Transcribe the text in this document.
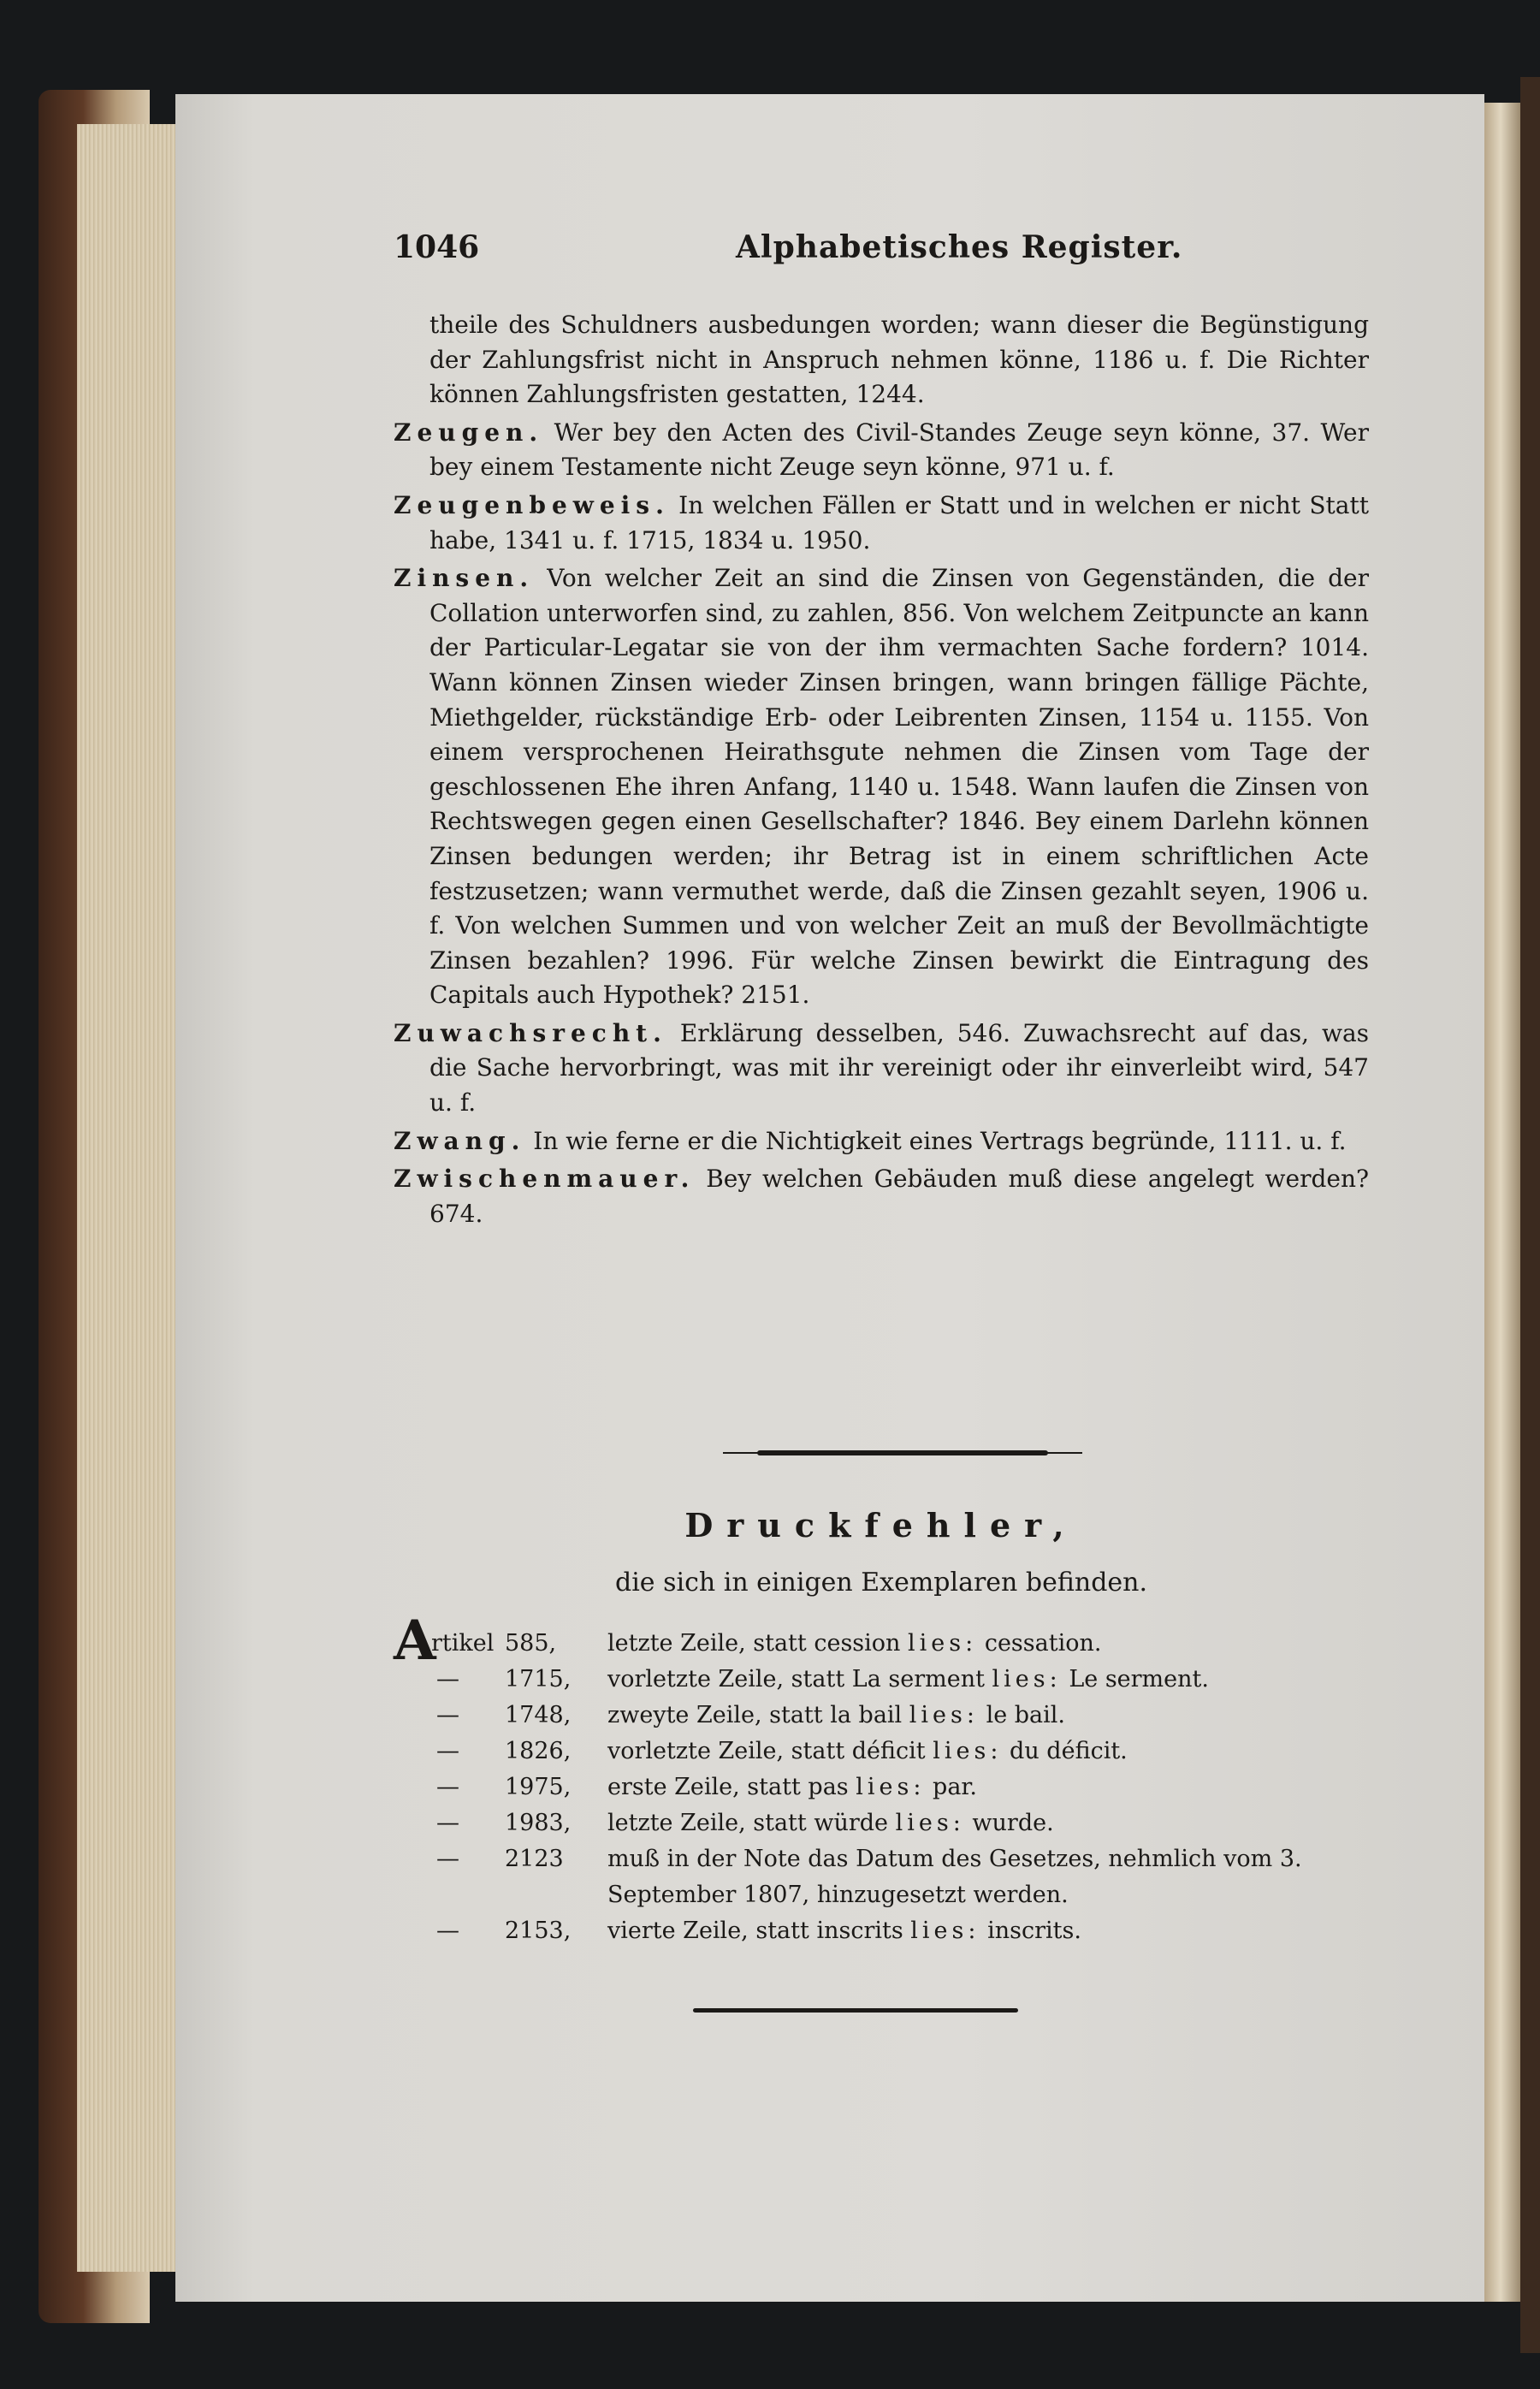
1046	Alphabetisches Register.

theile des Schuldners ausbedungen worden; wann dieser die Begünstigung der Zahlungsfrist nicht in Anspruch nehmen könne, 1186 u. f. Die Richter können Zahlungsfristen gestatten, 1244.

Zeugen. Wer bey den Acten des Civil-Standes Zeuge seyn könne, 37. Wer bey einem Testamente nicht Zeuge seyn könne, 971 u. f.

Zeugenbeweis. In welchen Fällen er Statt und in welchen er nicht Statt habe, 1341 u. f. 1715, 1834 u. 1950.

Zinsen. Von welcher Zeit an sind die Zinsen von Gegenständen, die der Collation unterworfen sind, zu zahlen, 856. Von welchem Zeitpuncte an kann der Particular-Legatar sie von der ihm vermachten Sache fordern? 1014. Wann können Zinsen wieder Zinsen bringen, wann bringen fällige Pächte, Miethgelder, rückständige Erb- oder Leibrenten Zinsen, 1154 u. 1155. Von einem versprochenen Heirathsgute nehmen die Zinsen vom Tage der geschlossenen Ehe ihren Anfang, 1140 u. 1548. Wann laufen die Zinsen von Rechtswegen gegen einen Gesellschafter? 1846. Bey einem Darlehn können Zinsen bedungen werden; ihr Betrag ist in einem schriftlichen Acte festzusetzen; wann vermuthet werde, daß die Zinsen gezahlt seyen, 1906 u. f. Von welchen Summen und von welcher Zeit an muß der Bevollmächtigte Zinsen bezahlen? 1996. Für welche Zinsen bewirkt die Eintragung des Capitals auch Hypothek? 2151.

Zuwachsrecht. Erklärung desselben, 546. Zuwachsrecht auf das, was die Sache hervorbringt, was mit ihr vereinigt oder ihr einverleibt wird, 547 u. f.

Zwang. In wie ferne er die Nichtigkeit eines Vertrags begründe, 1111. u. f.

Zwischenmauer. Bey welchen Gebäuden muß diese angelegt werden? 674.

Druckfehler,
die sich in einigen Exemplaren befinden.
A
rtikel 585, letzte Zeile, statt cession lies: cessation.
— 1715, vorletzte Zeile, statt La serment lies: Le serment.
— 1748, zweyte Zeile, statt la bail lies: le bail.
— 1826, vorletzte Zeile, statt déficit lies: du déficit.
— 1975, erste Zeile, statt pas lies: par.
— 1983, letzte Zeile, statt würde lies: wurde.
— 2123 muß in der Note das Datum des Gesetzes, nehmlich vom 3. September 1807, hinzugesetzt werden.
— 2153, vierte Zeile, statt inscrits lies: inscrits.
